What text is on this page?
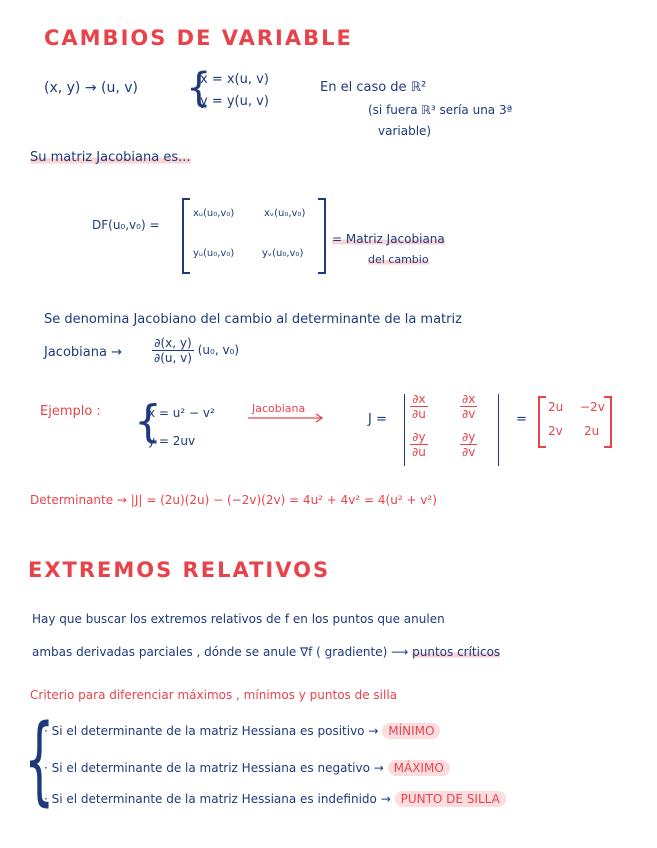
CAMBIOS DE VARIABLE
(x, y) → (u, v) {
x = x(u, v)
y = y(u, v)
En el caso de ℝ²
(si fuera ℝ³ sería una 3ª
variable)
Su matriz Jacobiana es...
DF(u₀,v₀) =
xᵤ(u₀,v₀)	xᵥ(u₀,v₀)
yᵤ(u₀,v₀)	yᵥ(u₀,v₀)
= Matriz Jacobiana
del cambio
Se denomina Jacobiano del cambio al determinante de la matriz
Jacobiana →	$\frac{\partial(x, y)}{\partial(u, v)} (u_0$, v₀)
Ejemplo : {
x = u² − v²
y = 2uv
Jacobiana
$J = \frac{\partial x}{\partial u}$	$\frac{\partial x}{\partial v}$
$\frac{\partial y}{\partial u}$	$\frac{\partial y}{\partial v}$
=
2u −2v
2v 2u
Determinante → |J| = (2u)(2u) − (−2v)(2v) = 4u² + 4v² = 4(u² + v²)
EXTREMOS RELATIVOS
Hay que buscar los extremos relativos de f en los puntos que anulen
ambas derivadas parciales , dónde se anule ∇f ( gradiente) ⟶ puntos críticos
Criterio para diferenciar máximos , mínimos y puntos de silla
{
· Si el determinante de la matriz Hessiana es positivo → MÍNIMO
· Si el determinante de la matriz Hessiana es negativo → MÁXIMO
· Si el determinante de la matriz Hessiana es indefinido → PUNTO DE SILLA
